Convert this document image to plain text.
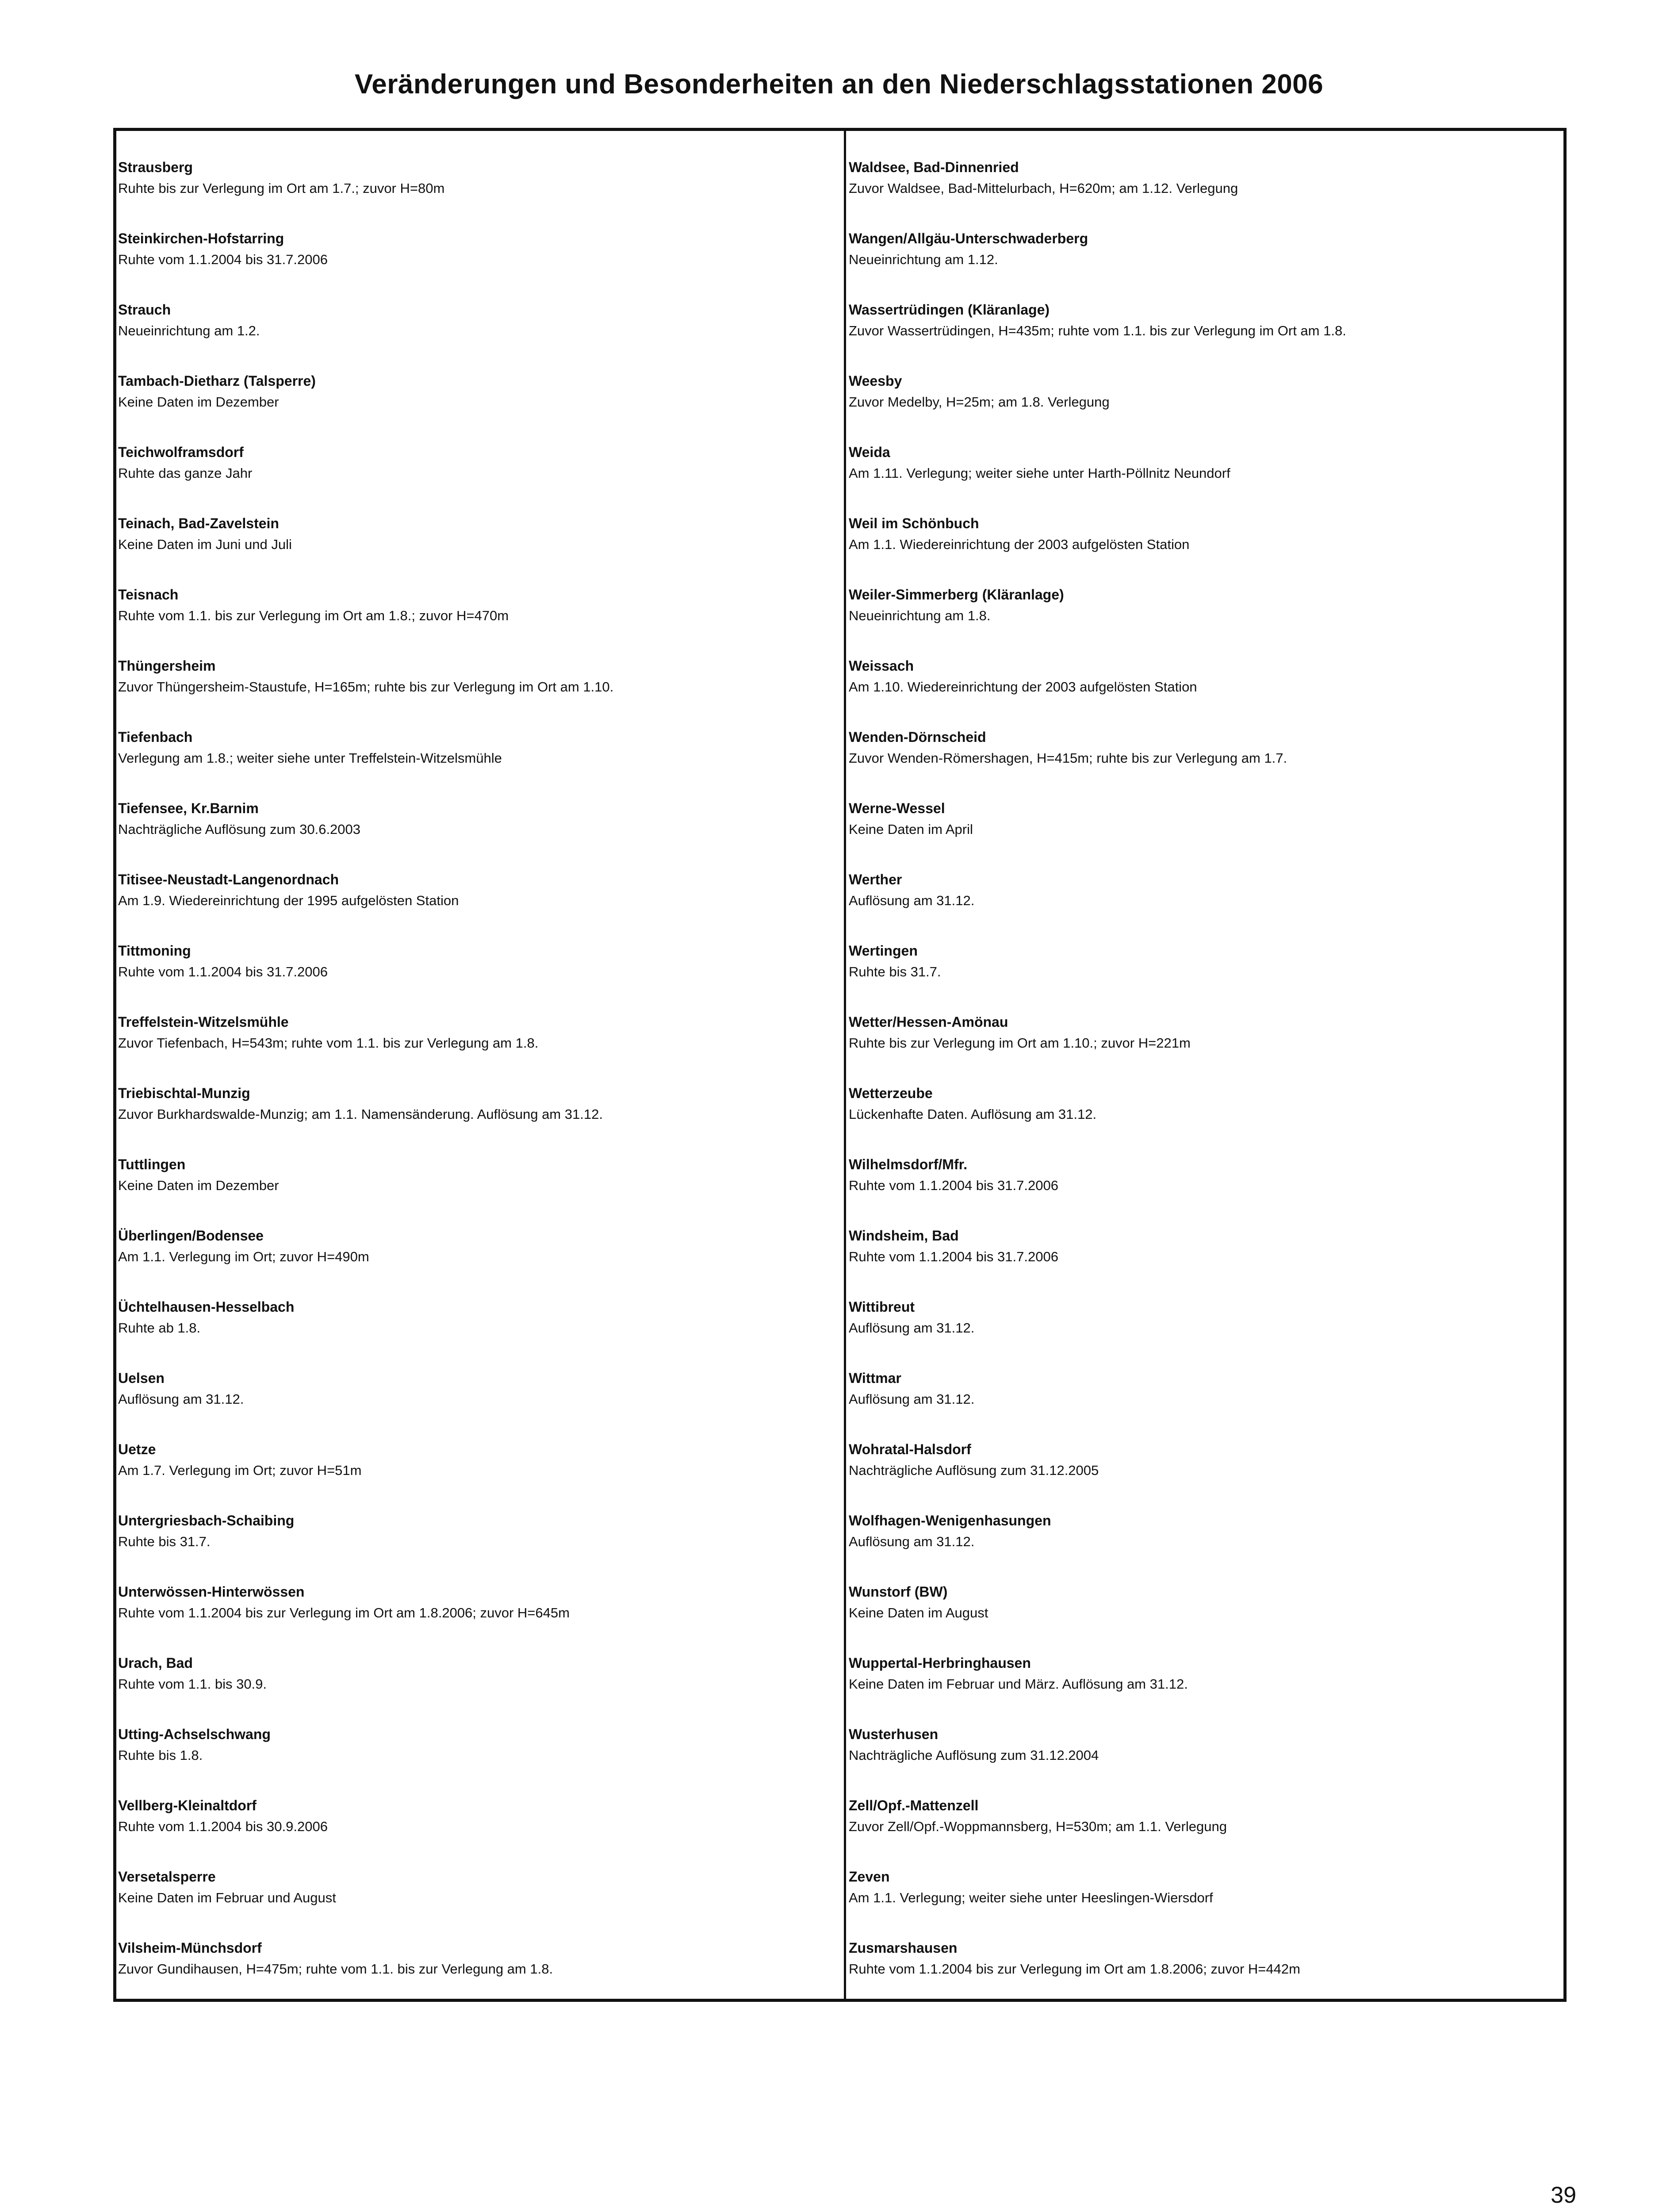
Veränderungen und Besonderheiten an den Niederschlagsstationen 2006
Strausberg
Ruhte bis zur Verlegung im Ort am 1.7.; zuvor H=80m
Steinkirchen-Hofstarring
Ruhte vom 1.1.2004 bis 31.7.2006
Strauch
Neueinrichtung am 1.2.
Tambach-Dietharz (Talsperre)
Keine Daten im Dezember
Teichwolframsdorf
Ruhte das ganze Jahr
Teinach, Bad-Zavelstein
Keine Daten im Juni und Juli
Teisnach
Ruhte vom 1.1. bis zur Verlegung im Ort am 1.8.; zuvor H=470m
Thüngersheim
Zuvor Thüngersheim-Staustufe, H=165m; ruhte bis zur Verlegung im Ort am 1.10.
Tiefenbach
Verlegung am 1.8.; weiter siehe unter Treffelstein-Witzelsmühle
Tiefensee, Kr.Barnim
Nachträgliche Auflösung zum 30.6.2003
Titisee-Neustadt-Langenordnach
Am 1.9. Wiedereinrichtung der 1995 aufgelösten Station
Tittmoning
Ruhte vom 1.1.2004 bis 31.7.2006
Treffelstein-Witzelsmühle
Zuvor Tiefenbach, H=543m; ruhte vom 1.1. bis zur Verlegung am 1.8.
Triebischtal-Munzig
Zuvor Burkhardswalde-Munzig; am 1.1. Namensänderung. Auflösung am 31.12.
Tuttlingen
Keine Daten im Dezember
Überlingen/Bodensee
Am 1.1. Verlegung im Ort; zuvor H=490m
Üchtelhausen-Hesselbach
Ruhte ab 1.8.
Uelsen
Auflösung am 31.12.
Uetze
Am 1.7. Verlegung im Ort; zuvor H=51m
Untergriesbach-Schaibing
Ruhte bis 31.7.
Unterwössen-Hinterwössen
Ruhte vom 1.1.2004 bis zur Verlegung im Ort am 1.8.2006; zuvor H=645m
Urach, Bad
Ruhte vom 1.1. bis 30.9.
Utting-Achselschwang
Ruhte bis 1.8.
Vellberg-Kleinaltdorf
Ruhte vom 1.1.2004 bis 30.9.2006
Versetalsperre
Keine Daten im Februar und August
Vilsheim-Münchsdorf
Zuvor Gundihausen, H=475m; ruhte vom 1.1. bis zur Verlegung am 1.8.
Waldsee, Bad-Dinnenried
Zuvor Waldsee, Bad-Mittelurbach, H=620m; am 1.12. Verlegung
Wangen/Allgäu-Unterschwaderberg
Neueinrichtung am 1.12.
Wassertrüdingen (Kläranlage)
Zuvor Wassertrüdingen, H=435m; ruhte vom 1.1. bis zur Verlegung im Ort am 1.8.
Weesby
Zuvor Medelby, H=25m; am 1.8. Verlegung
Weida
Am 1.11. Verlegung; weiter siehe unter Harth-Pöllnitz Neundorf
Weil im Schönbuch
Am 1.1. Wiedereinrichtung der 2003 aufgelösten Station
Weiler-Simmerberg (Kläranlage)
Neueinrichtung am 1.8.
Weissach
Am 1.10. Wiedereinrichtung der 2003 aufgelösten Station
Wenden-Dörnscheid
Zuvor Wenden-Römershagen, H=415m; ruhte bis zur Verlegung am 1.7.
Werne-Wessel
Keine Daten im April
Werther
Auflösung am 31.12.
Wertingen
Ruhte bis 31.7.
Wetter/Hessen-Amönau
Ruhte bis zur Verlegung im Ort am 1.10.; zuvor H=221m
Wetterzeube
Lückenhafte Daten. Auflösung am 31.12.
Wilhelmsdorf/Mfr.
Ruhte vom 1.1.2004 bis 31.7.2006
Windsheim, Bad
Ruhte vom 1.1.2004 bis 31.7.2006
Wittibreut
Auflösung am 31.12.
Wittmar
Auflösung am 31.12.
Wohratal-Halsdorf
Nachträgliche Auflösung zum 31.12.2005
Wolfhagen-Wenigenhasungen
Auflösung am 31.12.
Wunstorf (BW)
Keine Daten im August
Wuppertal-Herbringhausen
Keine Daten im Februar und März. Auflösung am 31.12.
Wusterhusen
Nachträgliche Auflösung zum 31.12.2004
Zell/Opf.-Mattenzell
Zuvor Zell/Opf.-Woppmannsberg, H=530m; am 1.1. Verlegung
Zeven
Am 1.1. Verlegung; weiter siehe unter Heeslingen-Wiersdorf
Zusmarshausen
Ruhte vom 1.1.2004 bis zur Verlegung im Ort am 1.8.2006; zuvor H=442m
39
